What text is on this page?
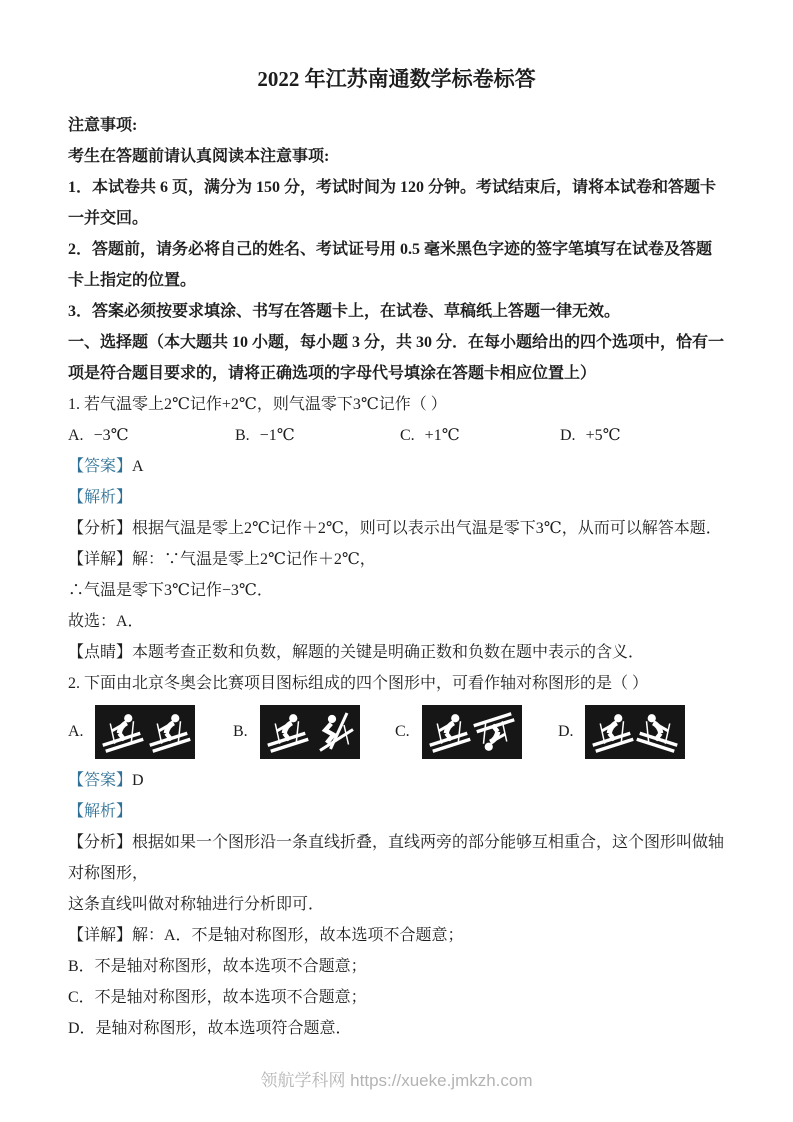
2022 年江苏南通数学标卷标答

注意事项:

考生在答题前请认真阅读本注意事项:

1．本试卷共 6 页，满分为 150 分，考试时间为 120 分钟。考试结束后，请将本试卷和答题卡一并交回。

2．答题前，请务必将自己的姓名、考试证号用 0.5 毫米黑色字迹的签字笔填写在试卷及答题卡上指定的位置。

3．答案必须按要求填涂、书写在答题卡上，在试卷、草稿纸上答题一律无效。

一、选择题（本大题共 10 小题，每小题 3 分，共 30 分．在每小题给出的四个选项中，恰有一项是符合题目要求的，请将正确选项的字母代号填涂在答题卡相应位置上）

1. 若气温零上2℃记作+2℃，则气温零下3℃记作（ ）

A. −3℃	B. −1℃	C. +1℃	D. +5℃

【答案】A

【解析】

【分析】根据气温是零上2℃记作＋2℃，则可以表示出气温是零下3℃，从而可以解答本题．

【详解】解：∵气温是零上2℃记作＋2℃，

∴气温是零下3℃记作−3℃．

故选：A．

【点睛】本题考查正数和负数，解题的关键是明确正数和负数在题中表示的含义．

2. 下面由北京冬奥会比赛项目图标组成的四个图形中，可看作轴对称图形的是（ ）

A.	B.	C.	D.

【答案】D

【解析】

【分析】根据如果一个图形沿一条直线折叠，直线两旁的部分能够互相重合，这个图形叫做轴对称图形，

这条直线叫做对称轴进行分析即可．

【详解】解：A．不是轴对称图形，故本选项不合题意；

B．不是轴对称图形，故本选项不合题意；

C．不是轴对称图形，故本选项不合题意；

D．是轴对称图形，故本选项符合题意．

领航学科网 https://xueke.jmkzh.com
